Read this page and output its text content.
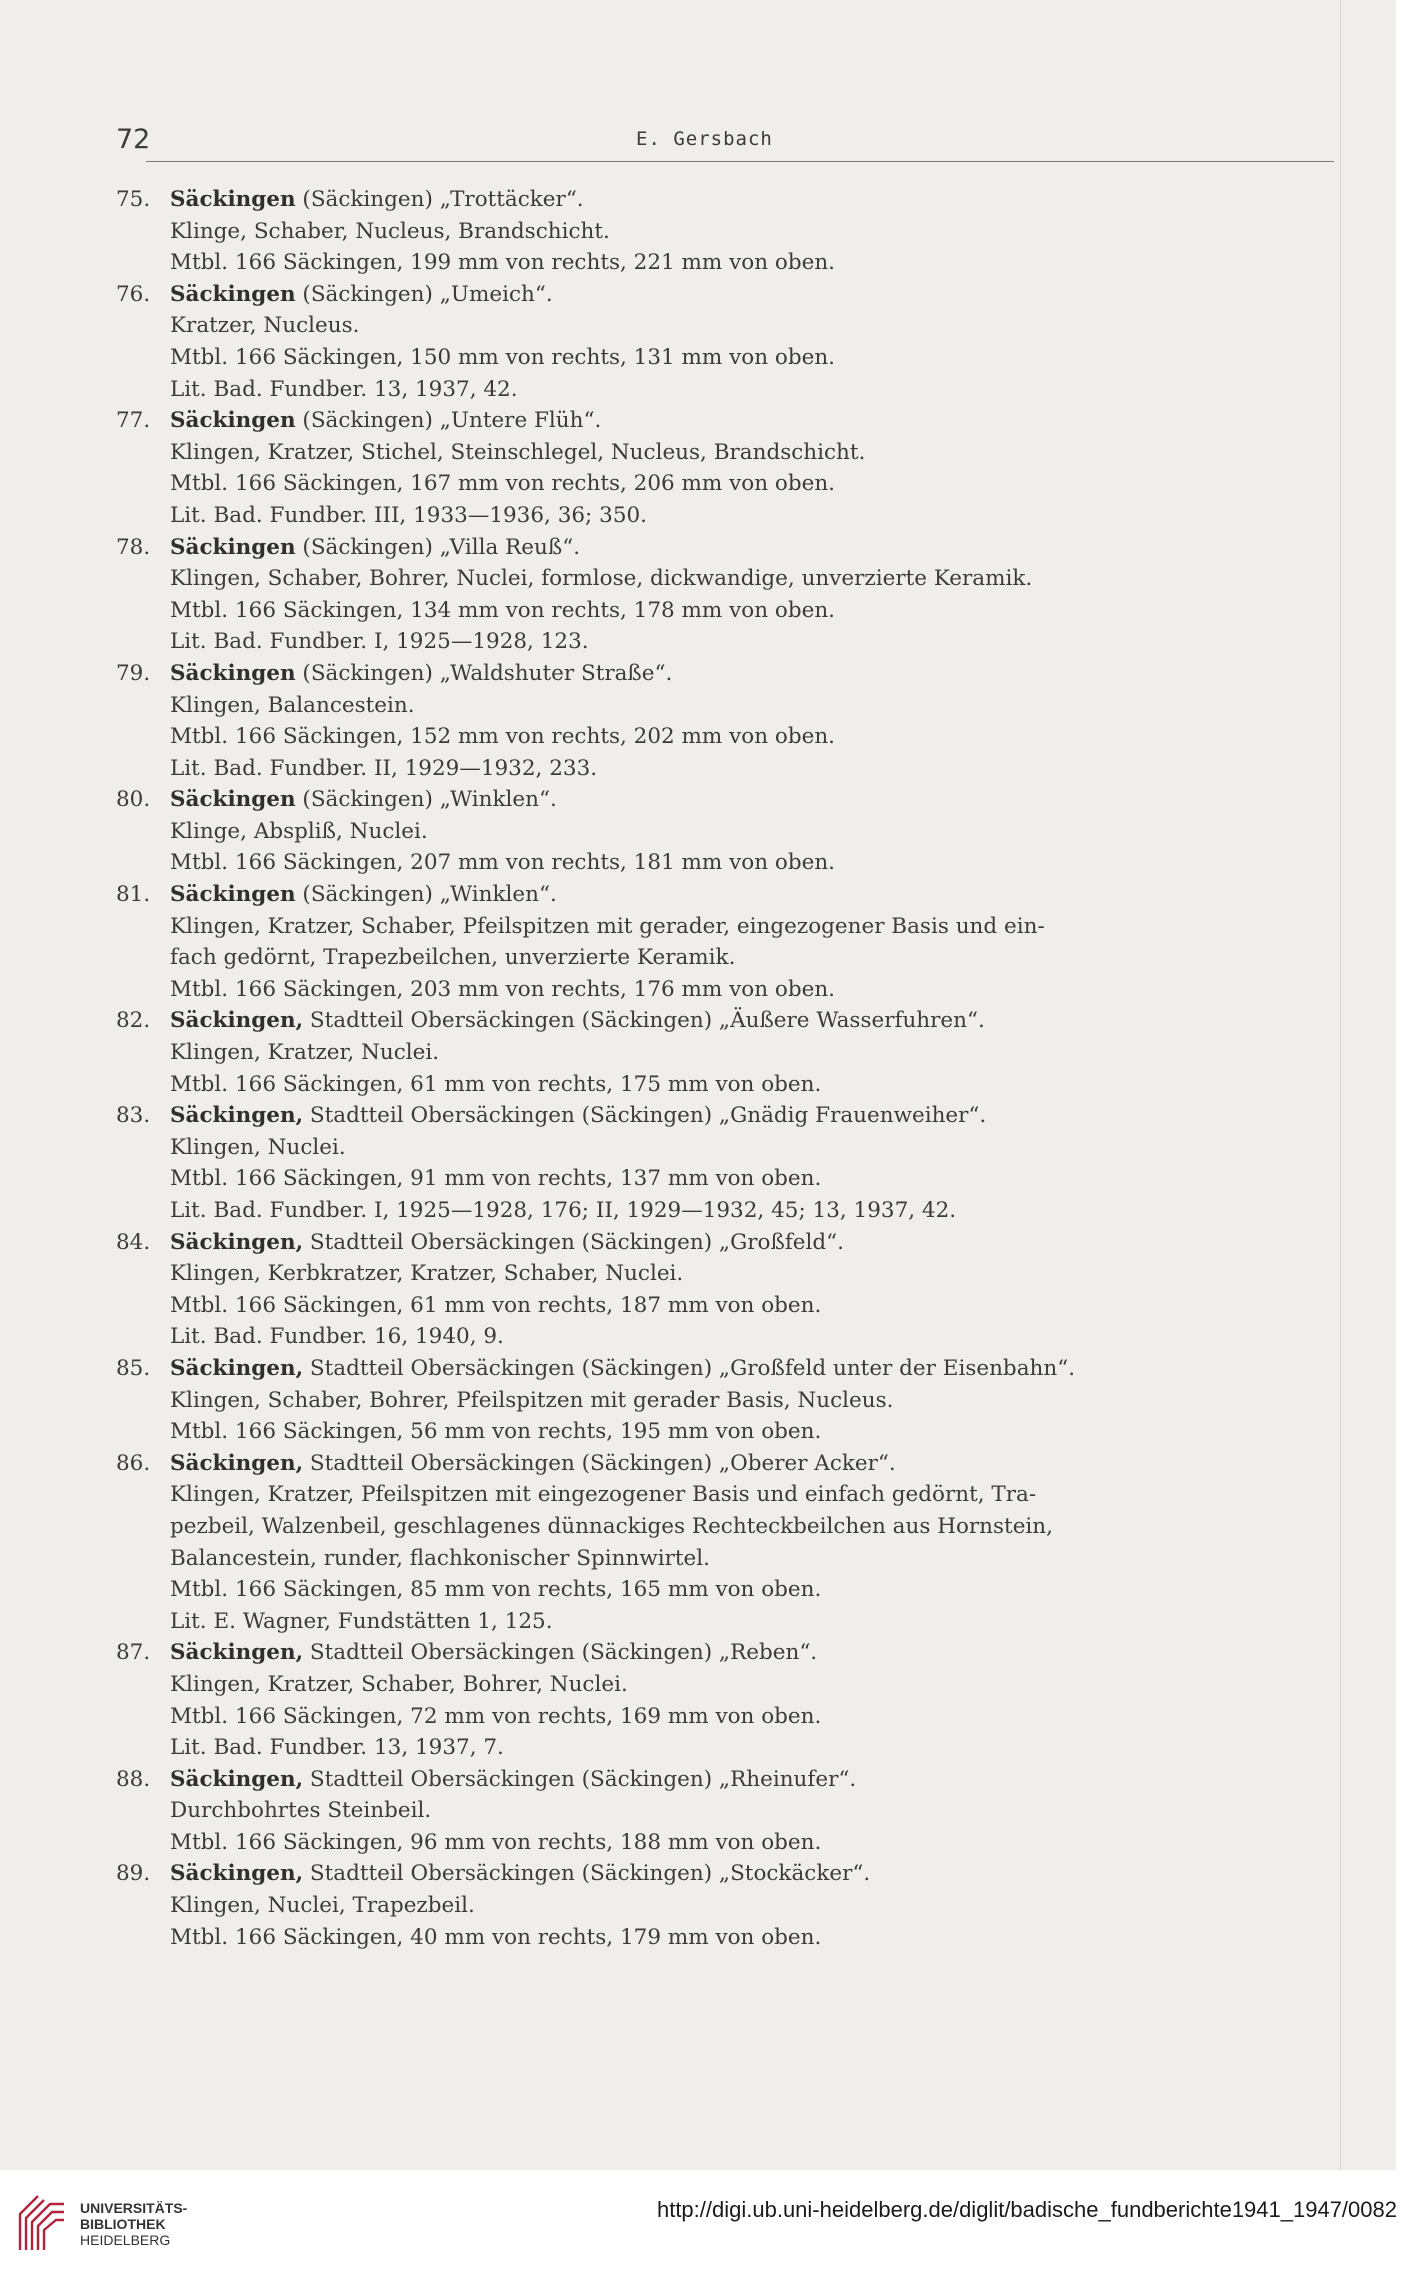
72	E. Gersbach
75. Säckingen (Säckingen) „Trottäcker“.
Klinge, Schaber, Nucleus, Brandschicht.
Mtbl. 166 Säckingen, 199 mm von rechts, 221 mm von oben.
76. Säckingen (Säckingen) „Umeich“.
Kratzer, Nucleus.
Mtbl. 166 Säckingen, 150 mm von rechts, 131 mm von oben.
Lit. Bad. Fundber. 13, 1937, 42.
77. Säckingen (Säckingen) „Untere Flüh“.
Klingen, Kratzer, Stichel, Steinschlegel, Nucleus, Brandschicht.
Mtbl. 166 Säckingen, 167 mm von rechts, 206 mm von oben.
Lit. Bad. Fundber. III, 1933—1936, 36; 350.
78. Säckingen (Säckingen) „Villa Reuß“.
Klingen, Schaber, Bohrer, Nuclei, formlose, dickwandige, unverzierte Keramik.
Mtbl. 166 Säckingen, 134 mm von rechts, 178 mm von oben.
Lit. Bad. Fundber. I, 1925—1928, 123.
79. Säckingen (Säckingen) „Waldshuter Straße“.
Klingen, Balancestein.
Mtbl. 166 Säckingen, 152 mm von rechts, 202 mm von oben.
Lit. Bad. Fundber. II, 1929—1932, 233.
80. Säckingen (Säckingen) „Winklen“.
Klinge, Absplіß, Nuclei.
Mtbl. 166 Säckingen, 207 mm von rechts, 181 mm von oben.
81. Säckingen (Säckingen) „Winklen“.
Klingen, Kratzer, Schaber, Pfeilspitzen mit gerader, eingezogener Basis und ein-
fach gedörnt, Trapezbeilchen, unverzierte Keramik.
Mtbl. 166 Säckingen, 203 mm von rechts, 176 mm von oben.
82. Säckingen, Stadtteil Obersäckingen (Säckingen) „Äußere Wasserfuhren“.
Klingen, Kratzer, Nuclei.
Mtbl. 166 Säckingen, 61 mm von rechts, 175 mm von oben.
83. Säckingen, Stadtteil Obersäckingen (Säckingen) „Gnädig Frauenweiher“.
Klingen, Nuclei.
Mtbl. 166 Säckingen, 91 mm von rechts, 137 mm von oben.
Lit. Bad. Fundber. I, 1925—1928, 176; II, 1929—1932, 45; 13, 1937, 42.
84. Säckingen, Stadtteil Obersäckingen (Säckingen) „Großfeld“.
Klingen, Kerbkratzer, Kratzer, Schaber, Nuclei.
Mtbl. 166 Säckingen, 61 mm von rechts, 187 mm von oben.
Lit. Bad. Fundber. 16, 1940, 9.
85. Säckingen, Stadtteil Obersäckingen (Säckingen) „Großfeld unter der Eisenbahn“.
Klingen, Schaber, Bohrer, Pfeilspitzen mit gerader Basis, Nucleus.
Mtbl. 166 Säckingen, 56 mm von rechts, 195 mm von oben.
86. Säckingen, Stadtteil Obersäckingen (Säckingen) „Oberer Acker“.
Klingen, Kratzer, Pfeilspitzen mit eingezogener Basis und einfach gedörnt, Tra-
pezbeil, Walzenbeil, geschlagenes dünnackiges Rechteckbeilchen aus Hornstein,
Balancestein, runder, flachkonischer Spinnwirtel.
Mtbl. 166 Säckingen, 85 mm von rechts, 165 mm von oben.
Lit. E. Wagner, Fundstätten 1, 125.
87. Säckingen, Stadtteil Obersäckingen (Säckingen) „Reben“.
Klingen, Kratzer, Schaber, Bohrer, Nuclei.
Mtbl. 166 Säckingen, 72 mm von rechts, 169 mm von oben.
Lit. Bad. Fundber. 13, 1937, 7.
88. Säckingen, Stadtteil Obersäckingen (Säckingen) „Rheinufer“.
Durchbohrtes Steinbeil.
Mtbl. 166 Säckingen, 96 mm von rechts, 188 mm von oben.
89. Säckingen, Stadtteil Obersäckingen (Säckingen) „Stockäcker“.
Klingen, Nuclei, Trapezbeil.
Mtbl. 166 Säckingen, 40 mm von rechts, 179 mm von oben.
UNIVERSITÄTS-
BIBLIOTHEK
HEIDELBERG
http://digi.ub.uni-heidelberg.de/diglit/badische_fundberichte1941_1947/0082
